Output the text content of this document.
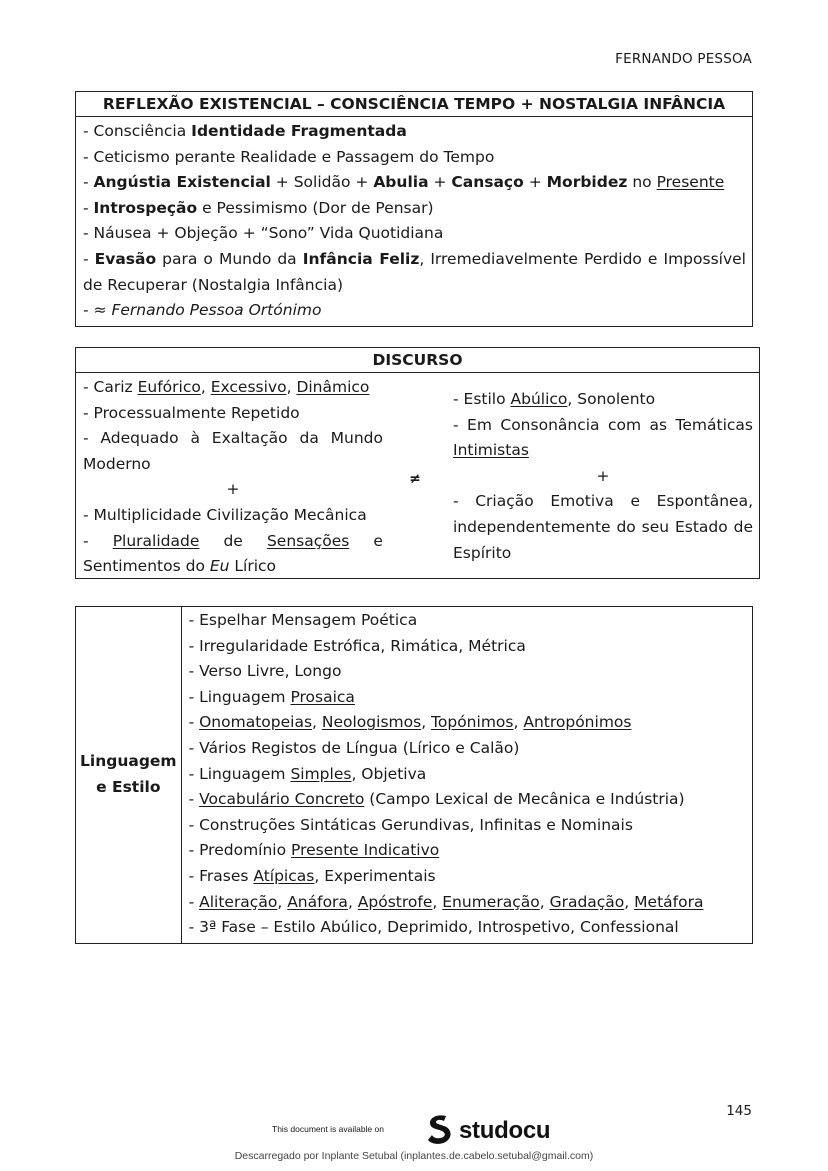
FERNANDO PESSOA
REFLEXÃO EXISTENCIAL – CONSCIÊNCIA TEMPO + NOSTALGIA INFÂNCIA

- Consciência Identidade Fragmentada
- Ceticismo perante Realidade e Passagem do Tempo
- Angústia Existencial + Solidão + Abulia + Cansaço + Morbidez no Presente
- Introspeção e Pessimismo (Dor de Pensar)
- Náusea + Objeção + “Sono” Vida Quotidiana
- Evasão para o Mundo da Infância Feliz, Irremediavelmente Perdido e Impossível de Recuperar (Nostalgia Infância)
- ≈ Fernando Pessoa Ortónimo
DISCURSO

- Cariz Eufórico, Excessivo, Dinâmico
- Processualmente Repetido
- Adequado à Exaltação da Mundo Moderno
+
- Multiplicidade Civilização Mecânica
- Pluralidade de Sensações e
Sentimentos do Eu Lírico
≠
- Estilo Abúlico, Sonolento
- Em Consonância com as Temáticas Intimistas
+
- Criação Emotiva e Espontânea, independentemente do seu Estado de Espírito
Linguagem
e Estilo

- Espelhar Mensagem Poética
- Irregularidade Estrófica, Rimática, Métrica
- Verso Livre, Longo
- Linguagem Prosaica
- Onomatopeias, Neologismos, Topónimos, Antropónimos
- Vários Registos de Língua (Lírico e Calão)
- Linguagem Simples, Objetiva
- Vocabulário Concreto (Campo Lexical de Mecânica e Indústria)
- Construções Sintáticas Gerundivas, Infinitas e Nominais
- Predomínio Presente Indicativo
- Frases Atípicas, Experimentais
- Aliteração, Anáfora, Apóstrofe, Enumeração, Gradação, Metáfora
- 3ª Fase – Estilo Abúlico, Deprimido, Introspetivo, Confessional
145
This document is available on	studocu
Descarregado por Inplante Setubal (inplantes.de.cabelo.setubal@gmail.com)
